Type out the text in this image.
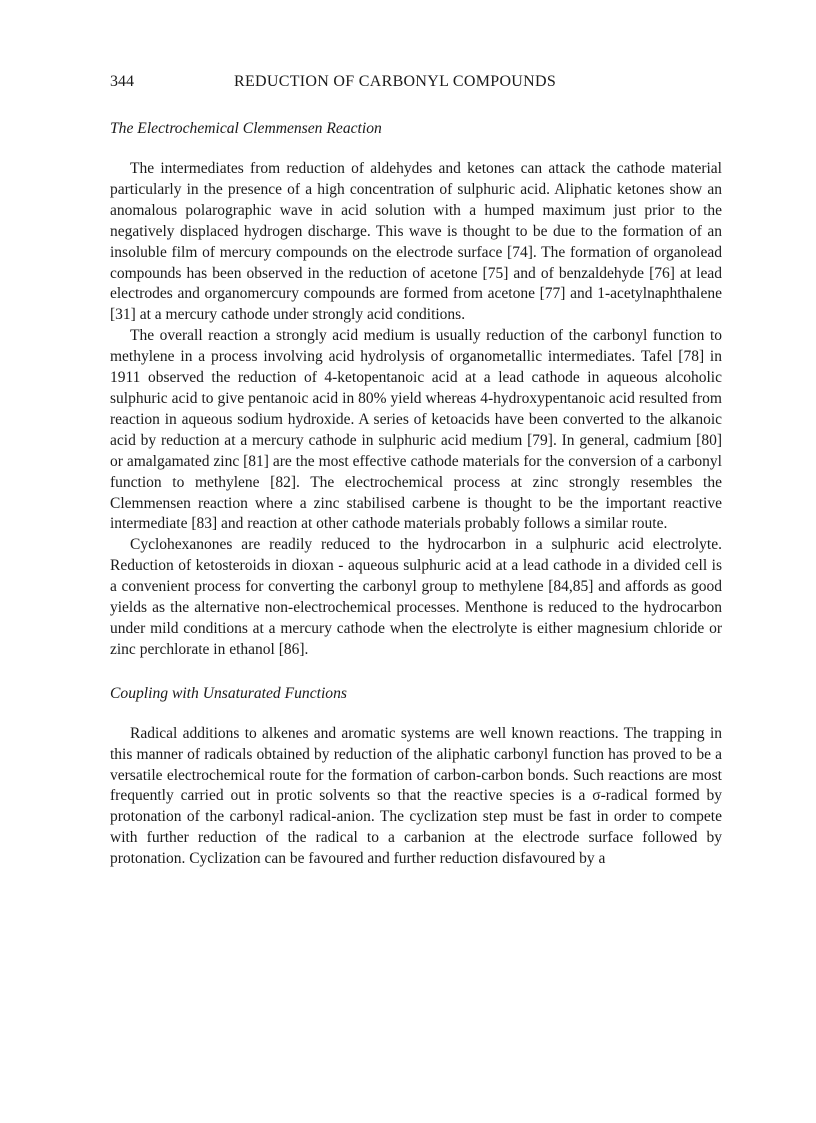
344	REDUCTION OF CARBONYL COMPOUNDS
The Electrochemical Clemmensen Reaction

The intermediates from reduction of aldehydes and ketones can attack the cathode material particularly in the presence of a high concentration of sulphuric acid. Aliphatic ketones show an anomalous polarographic wave in acid solution with a humped maximum just prior to the negatively displaced hydrogen discharge. This wave is thought to be due to the formation of an insoluble film of mercury compounds on the electrode surface [74]. The formation of organolead compounds has been observed in the reduction of acetone [75] and of benzaldehyde [76] at lead electrodes and organomercury compounds are formed from acetone [77] and 1-acetylnaphthalene [31] at a mercury cathode under strongly acid conditions.

The overall reaction a strongly acid medium is usually reduction of the carbonyl function to methylene in a process involving acid hydrolysis of organometallic intermediates. Tafel [78] in 1911 observed the reduction of 4-ketopentanoic acid at a lead cathode in aqueous alcoholic sulphuric acid to give pentanoic acid in 80% yield whereas 4-hydroxypentanoic acid resulted from reaction in aqueous sodium hydroxide. A series of ketoacids have been converted to the alkanoic acid by reduction at a mercury cathode in sulphuric acid medium [79]. In general, cadmium [80] or amalgamated zinc [81] are the most effective cathode materials for the conversion of a carbonyl function to methylene [82]. The electrochemical process at zinc strongly resembles the Clemmensen reaction where a zinc stabilised carbene is thought to be the important reactive intermediate [83] and reaction at other cathode materials probably follows a similar route.

Cyclohexanones are readily reduced to the hydrocarbon in a sulphuric acid electrolyte. Reduction of ketosteroids in dioxan - aqueous sulphuric acid at a lead cathode in a divided cell is a convenient process for converting the carbonyl group to methylene [84,85] and affords as good yields as the alternative non-electrochemical processes. Menthone is reduced to the hydrocarbon under mild conditions at a mercury cathode when the electrolyte is either magnesium chloride or zinc perchlorate in ethanol [86].

Coupling with Unsaturated Functions

Radical additions to alkenes and aromatic systems are well known reactions. The trapping in this manner of radicals obtained by reduction of the aliphatic carbonyl function has proved to be a versatile electrochemical route for the formation of carbon-carbon bonds. Such reactions are most frequently carried out in protic solvents so that the reactive species is a σ-radical formed by protonation of the carbonyl radical-anion. The cyclization step must be fast in order to compete with further reduction of the radical to a carbanion at the electrode surface followed by protonation. Cyclization can be favoured and further reduction disfavoured by a
